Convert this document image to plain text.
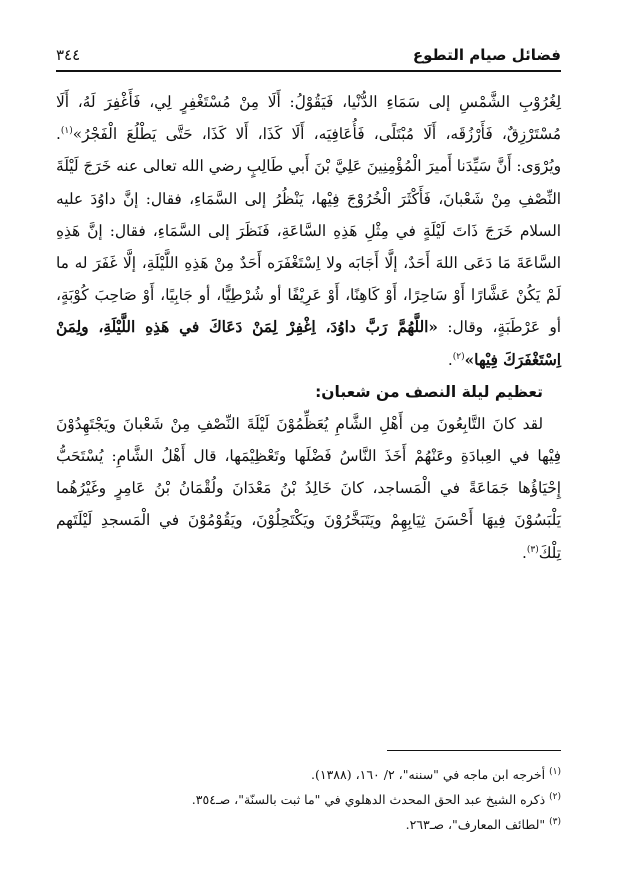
فضائل صيام التطوع
٣٤٤

لِغُرُوْبِ الشَّمْسِ إلى سَمَاءِ الدُّنْيا، فَيَقُوْلُ: أَلَا مِنْ مُسْتَغْفِرٍ لِي، فَأَغْفِرَ لَهُ، أَلَا مُسْتَرْزِقٌ، فَأَرْزُقَه، أَلَا مُبْتَلًى، فَأُعَافِيَه، أَلَا كَذَا، أَلا كَذَا، حَتَّى يَطْلُعَ الْفَجْرُ»$^{(١)}$. ويُرْوَى: أَنَّ سَيِّدَنا أَميرَ الْمُؤْمِنِينَ عَلِيَّ بْنَ أَبي طَالِبٍ رضي الله تعالى عنه خَرَجَ لَيْلَةَ النِّصْفِ مِنْ شَعْبانَ، فَأَكْثَرَ الْخُرُوْجَ فِيْها، يَنْظُرُ إلى السَّمَاءِ، فقال: إنَّ داوُدَ عليه السلام خَرَجَ ذَاتَ لَيْلَةٍ في مِثْلِ هَذِهِ السَّاعَةِ، فَنَظَرَ إلى السَّمَاءِ، فقال: إنَّ هَذِهِ السَّاعَةَ مَا دَعَى اللهَ أَحَدٌ، إلَّا أَجَابَه ولا اِسْتَغْفَرَه أَحَدٌ مِنْ هَذِهِ اللَّيْلَةِ، إلَّا غَفَرَ له ما لَمْ يَكُنْ عَشَّارًا أَوْ سَاحِرًا، أَوْ كَاهِنًا، أَوْ عَرِيْفًا أو شُرْطِيًّا، أو جَابِيًا، أَوْ صَاحِبَ كُوْبَةٍ، أو عَرْطَبَةٍ، وقال: «اللَّهُمَّ رَبَّ داوُدَ، اِغْفِرْ لِمَنْ دَعَاكَ في هَذِهِ اللَّيْلَةِ، ولِمَنْ اِسْتَغْفَرَكَ فِيْها»$^{(٢)}$.

تعظيم ليلة النصف من شعبان:

لقد كانَ التَّابِعُونَ مِن أَهْلِ الشَّامِ يُعَظِّمُوْنَ لَيْلَةَ النِّصْفِ مِنْ شَعْبانَ ويَجْتَهِدُوْنَ فِيْها في العِبادَةِ وعَنْهُمْ أَخَذَ النَّاسُ فَضْلَها وتَعْظِيْمَها، قال أَهْلُ الشَّامِ: يُسْتَحَبُّ إِحْيَاؤُها جَمَاعَةً في الْمَساجد، كانَ خَالِدُ بْنُ مَعْدَانَ ولُقْمَانُ بْنُ عَامِرٍ وغَيْرُهُما يَلْبَسُوْنَ فِيهَا أَحْسَنَ ثِيَابِهِمْ ويَتَبَخَّرُوْنَ ويَكْتَحِلُوْنَ، ويَقُوْمُوْنَ في الْمَسجدِ لَيْلَتَهم تِلْكَ$^{(٣)}$.

$^{(١)}$ أخرجه ابن ماجه في "سننه"، ٢/ ١٦٠، (١٣٨٨).
$^{(٢)}$ ذكره الشيخ عبد الحق المحدث الدهلوي في "ما ثبت بالسنّة"، صـ٣٥٤.
$^{(٣)}$ "لطائف المعارف"، صـ٢٦٣.
